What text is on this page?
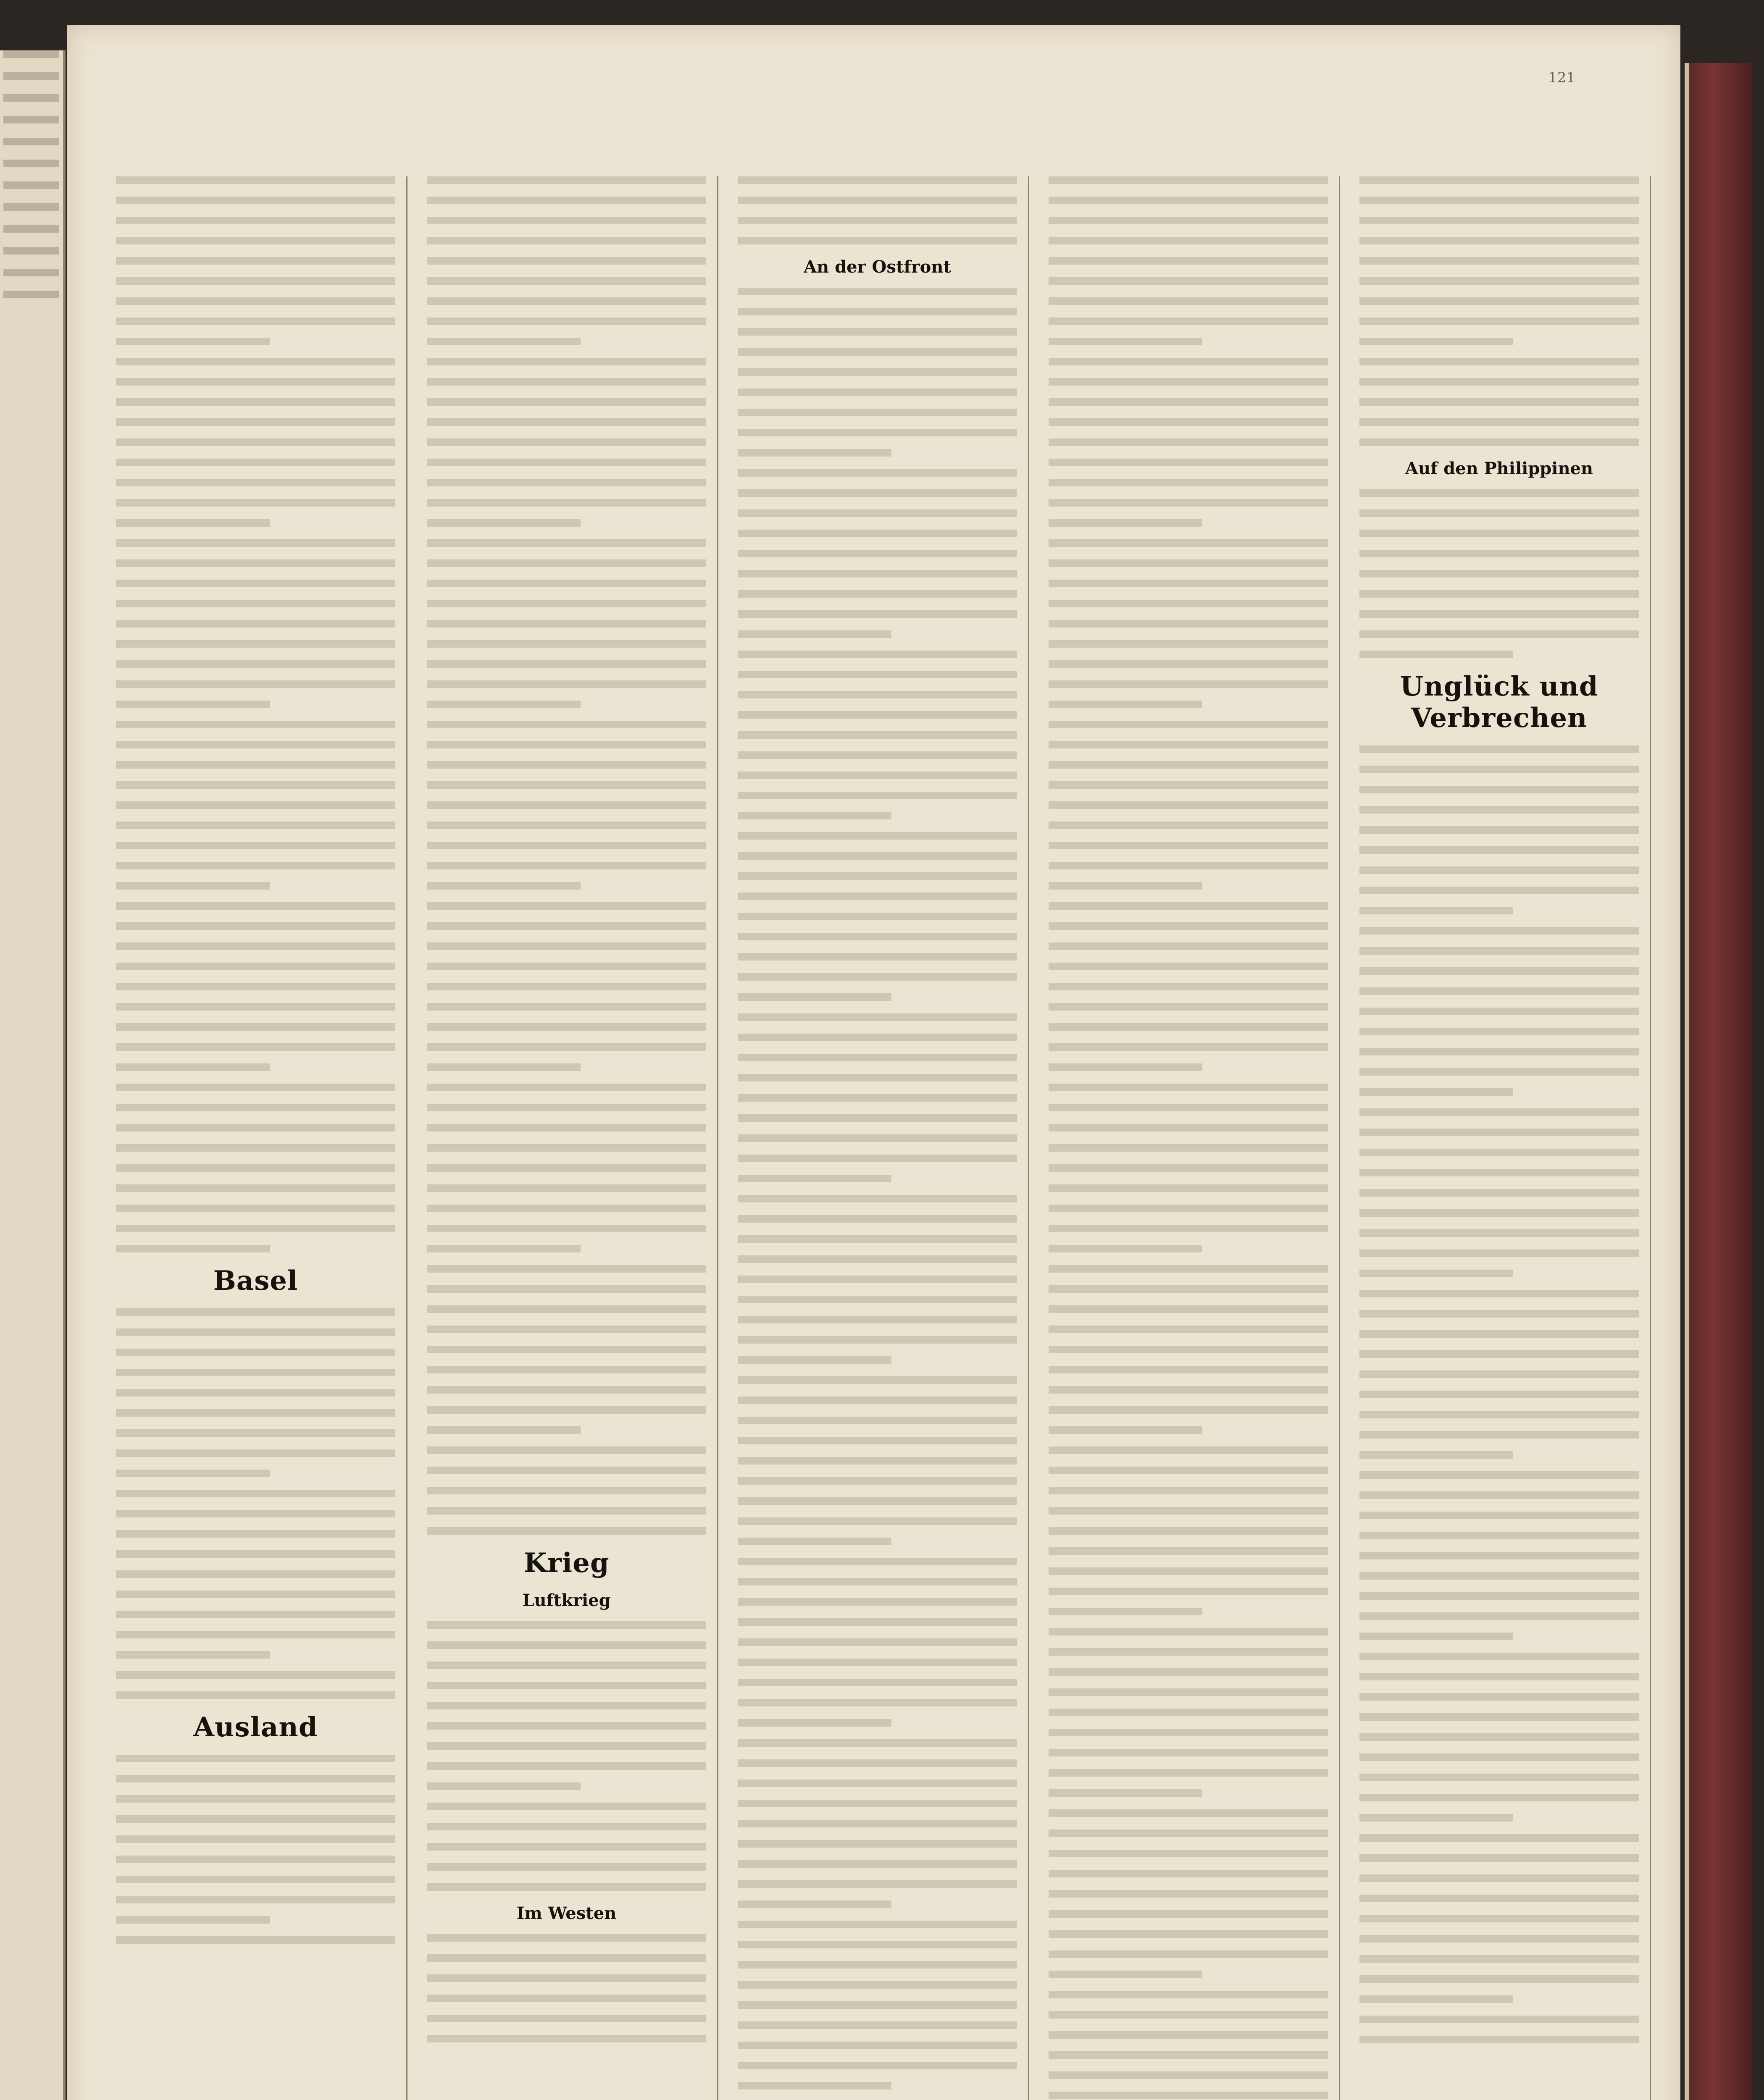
121
Basel
Ausland
Krieg
Luftkrieg
Im Westen
An der Ostfront
Auf den Philippinen
Unglück und Verbrechen
